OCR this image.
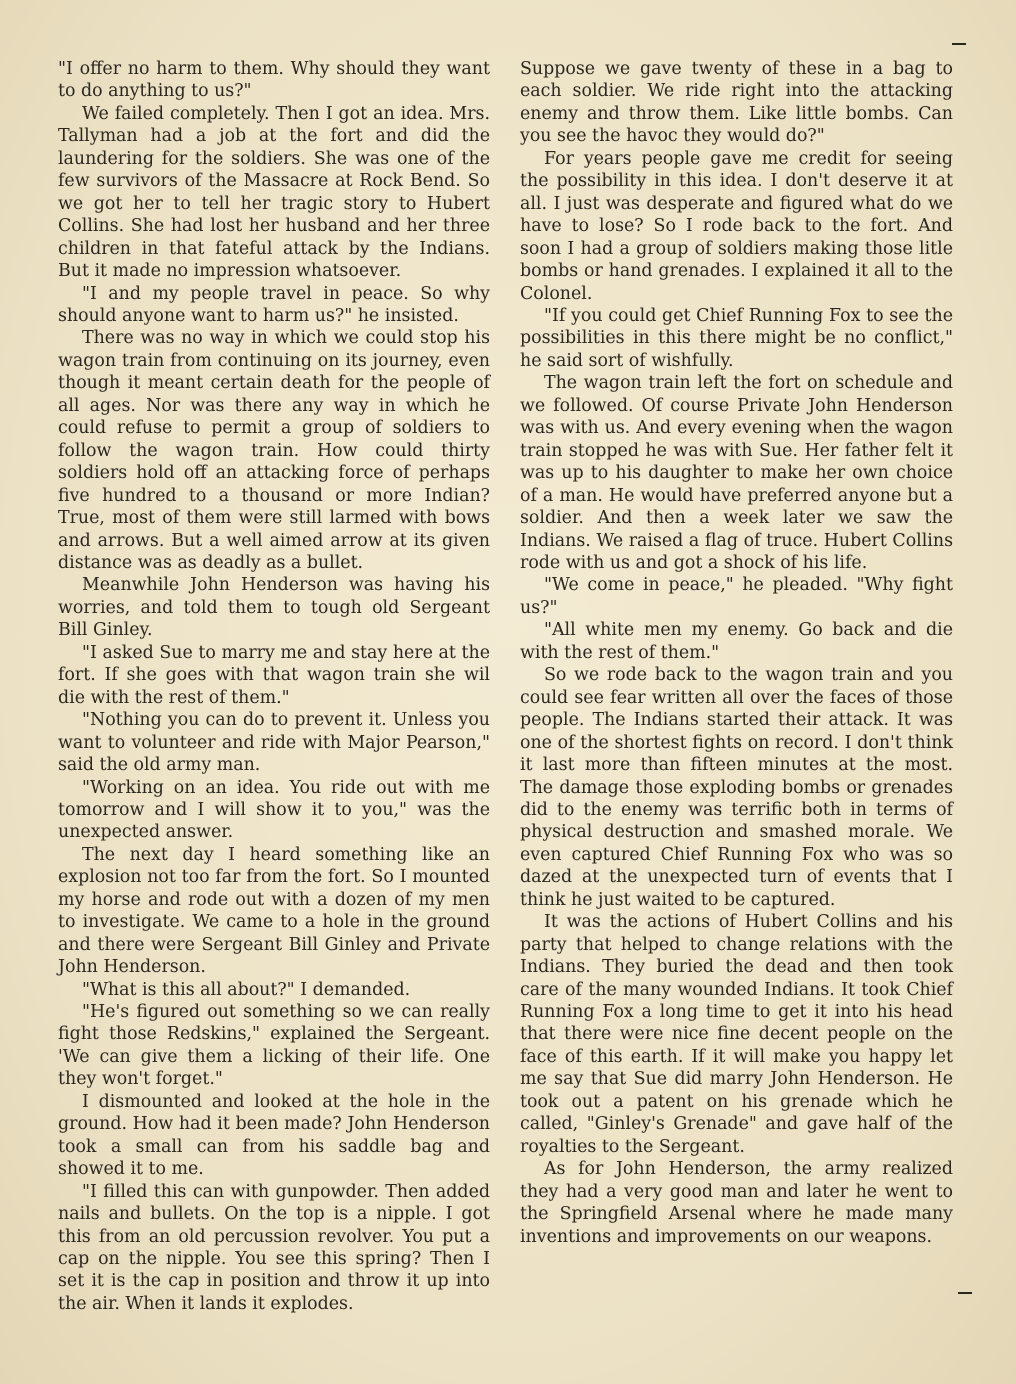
"I offer no harm to them. Why should they want to do anything to us?"

We failed completely. Then I got an idea. Mrs. Tallyman had a job at the fort and did the laundering for the soldiers. She was one of the few survivors of the Massacre at Rock Bend. So we got her to tell her tragic story to Hubert Collins. She had lost her husband and her three children in that fateful attack by the Indians. But it made no impression whatsoever.

"I and my people travel in peace. So why should anyone want to harm us?" he insisted.

There was no way in which we could stop his wagon train from continuing on its journey, even though it meant certain death for the people of all ages. Nor was there any way in which he could refuse to permit a group of soldiers to follow the wagon train. How could thirty soldiers hold off an attacking force of perhaps five hundred to a thousand or more Indian? True, most of them were still larmed with bows and arrows. But a well aimed arrow at its given distance was as deadly as a bullet.

Meanwhile John Henderson was having his worries, and told them to tough old Sergeant Bill Ginley.

"I asked Sue to marry me and stay here at the fort. If she goes with that wagon train she wil die with the rest of them."

"Nothing you can do to prevent it. Unless you want to volunteer and ride with Major Pearson," said the old army man.

"Working on an idea. You ride out with me tomorrow and I will show it to you," was the unexpected answer.

The next day I heard something like an explosion not too far from the fort. So I mounted my horse and rode out with a dozen of my men to investigate. We came to a hole in the ground and there were Sergeant Bill Ginley and Private John Henderson.

"What is this all about?" I demanded.

"He's figured out something so we can really fight those Redskins," explained the Sergeant. 'We can give them a licking of their life. One they won't forget."

I dismounted and looked at the hole in the ground. How had it been made? John Henderson took a small can from his saddle bag and showed it to me.

"I filled this can with gunpowder. Then added nails and bullets. On the top is a nipple. I got this from an old percussion revolver. You put a cap on the nipple. You see this spring? Then I set it is the cap in position and throw it up into the air. When it lands it explodes.

Suppose we gave twenty of these in a bag to each soldier. We ride right into the attacking enemy and throw them. Like little bombs. Can you see the havoc they would do?"

For years people gave me credit for seeing the possibility in this idea. I don't deserve it at all. I just was desperate and figured what do we have to lose? So I rode back to the fort. And soon I had a group of soldiers making those litle bombs or hand grenades. I explained it all to the Colonel.

"If you could get Chief Running Fox to see the possibilities in this there might be no conflict," he said sort of wishfully.

The wagon train left the fort on schedule and we followed. Of course Private John Henderson was with us. And every evening when the wagon train stopped he was with Sue. Her father felt it was up to his daughter to make her own choice of a man. He would have preferred anyone but a soldier. And then a week later we saw the Indians. We raised a flag of truce. Hubert Collins rode with us and got a shock of his life.

"We come in peace," he pleaded. "Why fight us?"

"All white men my enemy. Go back and die with the rest of them."

So we rode back to the wagon train and you could see fear written all over the faces of those people. The Indians started their attack. It was one of the shortest fights on record. I don't think it last more than fifteen minutes at the most. The damage those exploding bombs or grenades did to the enemy was terrific both in terms of physical destruction and smashed morale. We even captured Chief Running Fox who was so dazed at the unexpected turn of events that I think he just waited to be captured.

It was the actions of Hubert Collins and his party that helped to change relations with the Indians. They buried the dead and then took care of the many wounded Indians. It took Chief Running Fox a long time to get it into his head that there were nice fine decent people on the face of this earth. If it will make you happy let me say that Sue did marry John Henderson. He took out a patent on his grenade which he called, "Ginley's Grenade" and gave half of the royalties to the Sergeant.

As for John Henderson, the army realized they had a very good man and later he went to the Springfield Arsenal where he made many inventions and improvements on our weapons.
